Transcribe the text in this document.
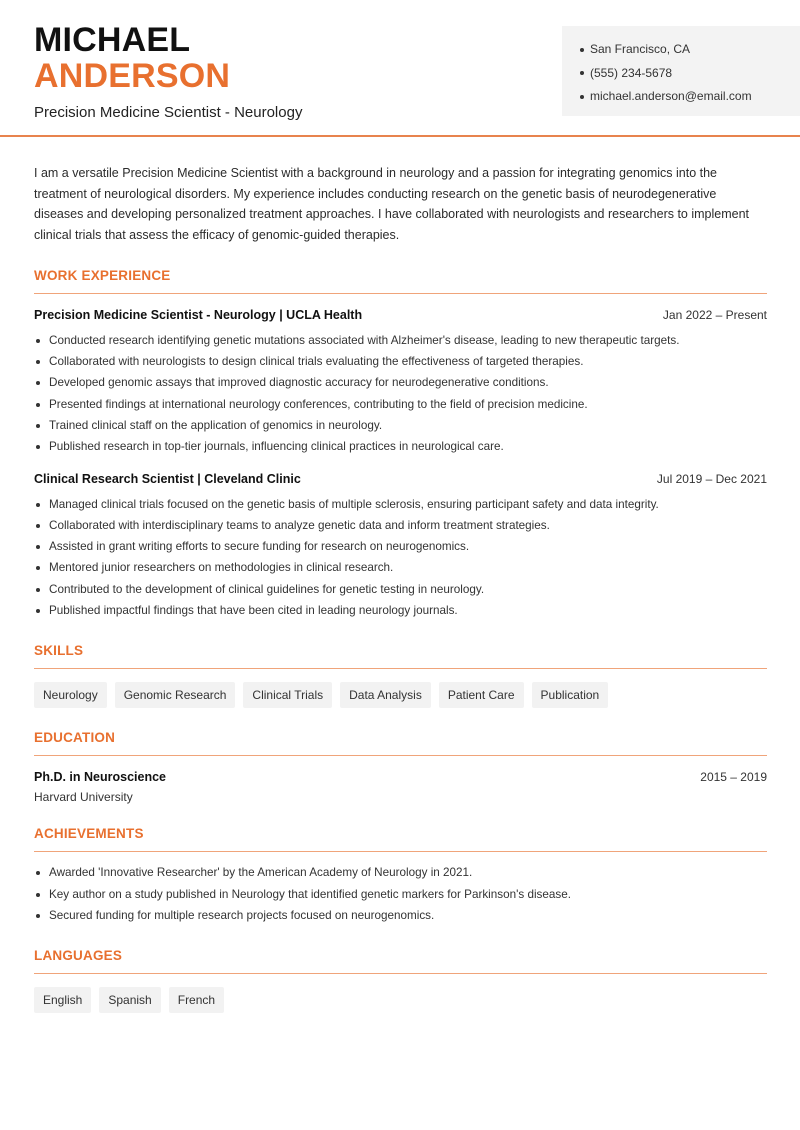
MICHAEL
ANDERSON
Precision Medicine Scientist - Neurology
San Francisco, CA
(555) 234-5678
michael.anderson@email.com

I am a versatile Precision Medicine Scientist with a background in neurology and a passion for integrating genomics into the treatment of neurological disorders. My experience includes conducting research on the genetic basis of neurodegenerative diseases and developing personalized treatment approaches. I have collaborated with neurologists and researchers to implement clinical trials that assess the efficacy of genomic-guided therapies.

WORK EXPERIENCE
Precision Medicine Scientist - Neurology | UCLA Health	Jan 2022 – Present
Conducted research identifying genetic mutations associated with Alzheimer's disease, leading to new therapeutic targets.
Collaborated with neurologists to design clinical trials evaluating the effectiveness of targeted therapies.
Developed genomic assays that improved diagnostic accuracy for neurodegenerative conditions.
Presented findings at international neurology conferences, contributing to the field of precision medicine.
Trained clinical staff on the application of genomics in neurology.
Published research in top-tier journals, influencing clinical practices in neurological care.
Clinical Research Scientist | Cleveland Clinic	Jul 2019 – Dec 2021
Managed clinical trials focused on the genetic basis of multiple sclerosis, ensuring participant safety and data integrity.
Collaborated with interdisciplinary teams to analyze genetic data and inform treatment strategies.
Assisted in grant writing efforts to secure funding for research on neurogenomics.
Mentored junior researchers on methodologies in clinical research.
Contributed to the development of clinical guidelines for genetic testing in neurology.
Published impactful findings that have been cited in leading neurology journals.
SKILLS
Neurology	Genomic Research	Clinical Trials	Data Analysis	Patient Care	Publication
EDUCATION
Ph.D. in Neuroscience	2015 – 2019
Harvard University
ACHIEVEMENTS
Awarded 'Innovative Researcher' by the American Academy of Neurology in 2021.
Key author on a study published in Neurology that identified genetic markers for Parkinson's disease.
Secured funding for multiple research projects focused on neurogenomics.
LANGUAGES
English	Spanish	French
